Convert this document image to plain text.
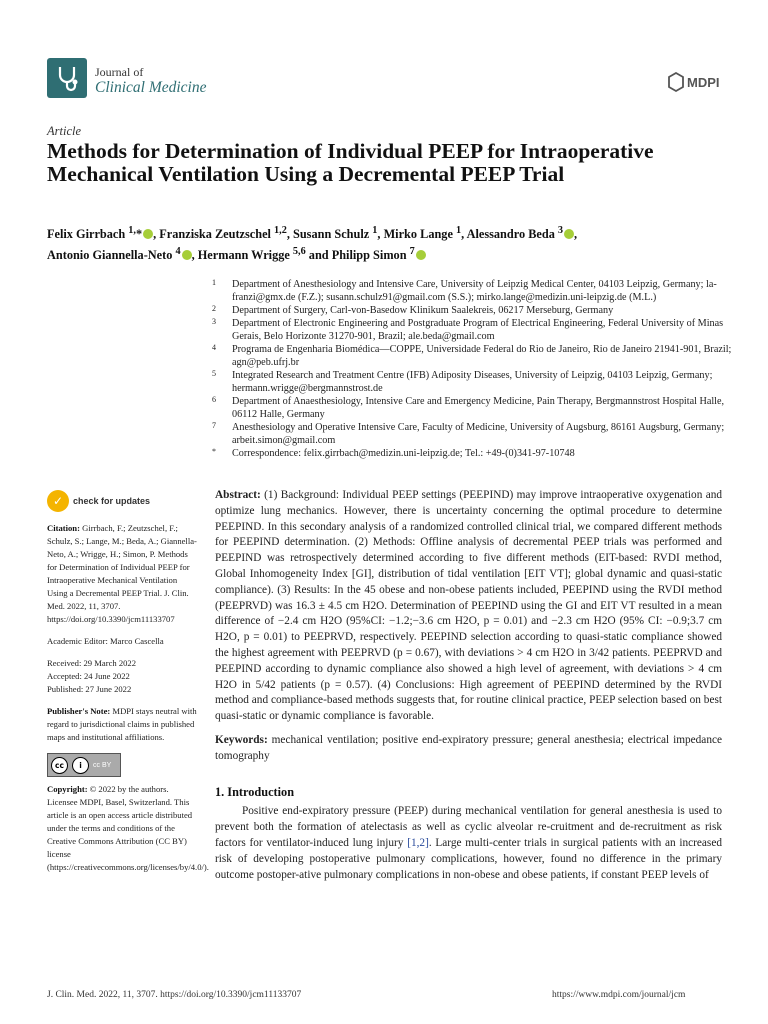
Journal of
Clinical Medicine	MDPI
Article
Methods for Determination of Individual PEEP for Intraoperative Mechanical Ventilation Using a Decremental PEEP Trial
Felix Girrbach $^{1,}$* , Franziska Zeutzschel $^{1,2}$, Susann Schulz $^1$, Mirko Lange $^1$, Alessandro Beda $^3$ ,
Antonio Giannella-Neto $^4$ , Hermann Wrigge $^{5,6}$ and Philipp Simon $^7$
1 Department of Anesthesiology and Intensive Care, University of Leipzig Medical Center, 04103 Leipzig, Germany; la-franzi@gmx.de (F.Z.); susann.schulz91@gmail.com (S.S.); mirko.lange@medizin.uni-leipzig.de (M.L.)
2 Department of Surgery, Carl-von-Basedow Klinikum Saalekreis, 06217 Merseburg, Germany
3 Department of Electronic Engineering and Postgraduate Program of Electrical Engineering, Federal University of Minas Gerais, Belo Horizonte 31270-901, Brazil; ale.beda@gmail.com
4 Programa de Engenharia Biomédica—COPPE, Universidade Federal do Rio de Janeiro, Rio de Janeiro 21941-901, Brazil; agn@peb.ufrj.br
5 Integrated Research and Treatment Centre (IFB) Adiposity Diseases, University of Leipzig, 04103 Leipzig, Germany; hermann.wrigge@bergmannstrost.de
6 Department of Anaesthesiology, Intensive Care and Emergency Medicine, Pain Therapy, Bergmannstrost Hospital Halle, 06112 Halle, Germany
7 Anesthesiology and Operative Intensive Care, Faculty of Medicine, University of Augsburg, 86161 Augsburg, Germany; arbeit.simon@gmail.com
* Correspondence: felix.girrbach@medizin.uni-leipzig.de; Tel.: +49-(0)341-97-10748
✓	check for updates

Citation: Girrbach, F.; Zeutzschel, F.; Schulz, S.; Lange, M.; Beda, A.; Giannella-Neto, A.; Wrigge, H.; Simon, P. Methods for Determination of Individual PEEP for Intraoperative Mechanical Ventilation Using a Decremental PEEP Trial. J. Clin. Med. 2022, 11, 3707. https://doi.org/10.3390/jcm11133707

Academic Editor: Marco Cascella

Received: 29 March 2022
Accepted: 24 June 2022

Published: 27 June 2022

Publisher's Note: MDPI stays neutral with regard to jurisdictional claims in published maps and institutional affiliations.

cc	i	cc BY

Copyright: © 2022 by the authors. Licensee MDPI, Basel, Switzerland. This article is an open access article distributed under the terms and conditions of the Creative Commons Attribution (CC BY) license (https://creativecommons.org/licenses/by/4.0/).

Abstract: (1) Background: Individual PEEP settings (PEEPIND) may improve intraoperative oxygenation and optimize lung mechanics. However, there is uncertainty concerning the optimal procedure to determine PEEPIND. In this secondary analysis of a randomized controlled clinical trial, we compared different methods for PEEPIND determination. (2) Methods: Offline analysis of decremental PEEP trials was performed and PEEPIND was retrospectively determined according to five different methods (EIT-based: RVDI method, Global Inhomogeneity Index [GI], distribution of tidal ventilation [EIT VT]; global dynamic and quasi-static compliance). (3) Results: In the 45 obese and non-obese patients included, PEEPIND using the RVDI method (PEEPRVD) was 16.3 ± 4.5 cm H2O. Determination of PEEPIND using the GI and EIT VT resulted in a mean difference of −2.4 cm H2O (95%CI: −1.2;−3.6 cm H2O, p = 0.01) and −2.3 cm H2O (95% CI: −0.9;3.7 cm H2O, p = 0.01) to PEEPRVD, respectively. PEEPIND selection according to quasi-static compliance showed the highest agreement with PEEPRVD (p = 0.67), with deviations > 4 cm H2O in 3/42 patients. PEEPRVD and PEEPIND according to dynamic compliance also showed a high level of agreement, with deviations > 4 cm H2O in 5/42 patients (p = 0.57). (4) Conclusions: High agreement of PEEPIND determined by the RVDI method and compliance-based methods suggests that, for routine clinical practice, PEEP selection based on best quasi-static or dynamic compliance is favorable.

Keywords: mechanical ventilation; positive end-expiratory pressure; general anesthesia; electrical impedance tomography

1. Introduction

Positive end-expiratory pressure (PEEP) during mechanical ventilation for general anesthesia is used to prevent both the formation of atelectasis as well as cyclic alveolar re-cruitment and de-recruitment as risk factors for ventilator-induced lung injury [1,2]. Large multi-center trials in surgical patients with an increased risk of developing postoperative pulmonary complications, however, found no difference in the primary outcome postoper-ative pulmonary complications in non-obese and obese patients, if constant PEEP levels of

J. Clin. Med. 2022, 11, 3707. https://doi.org/10.3390/jcm11133707	https://www.mdpi.com/journal/jcm
